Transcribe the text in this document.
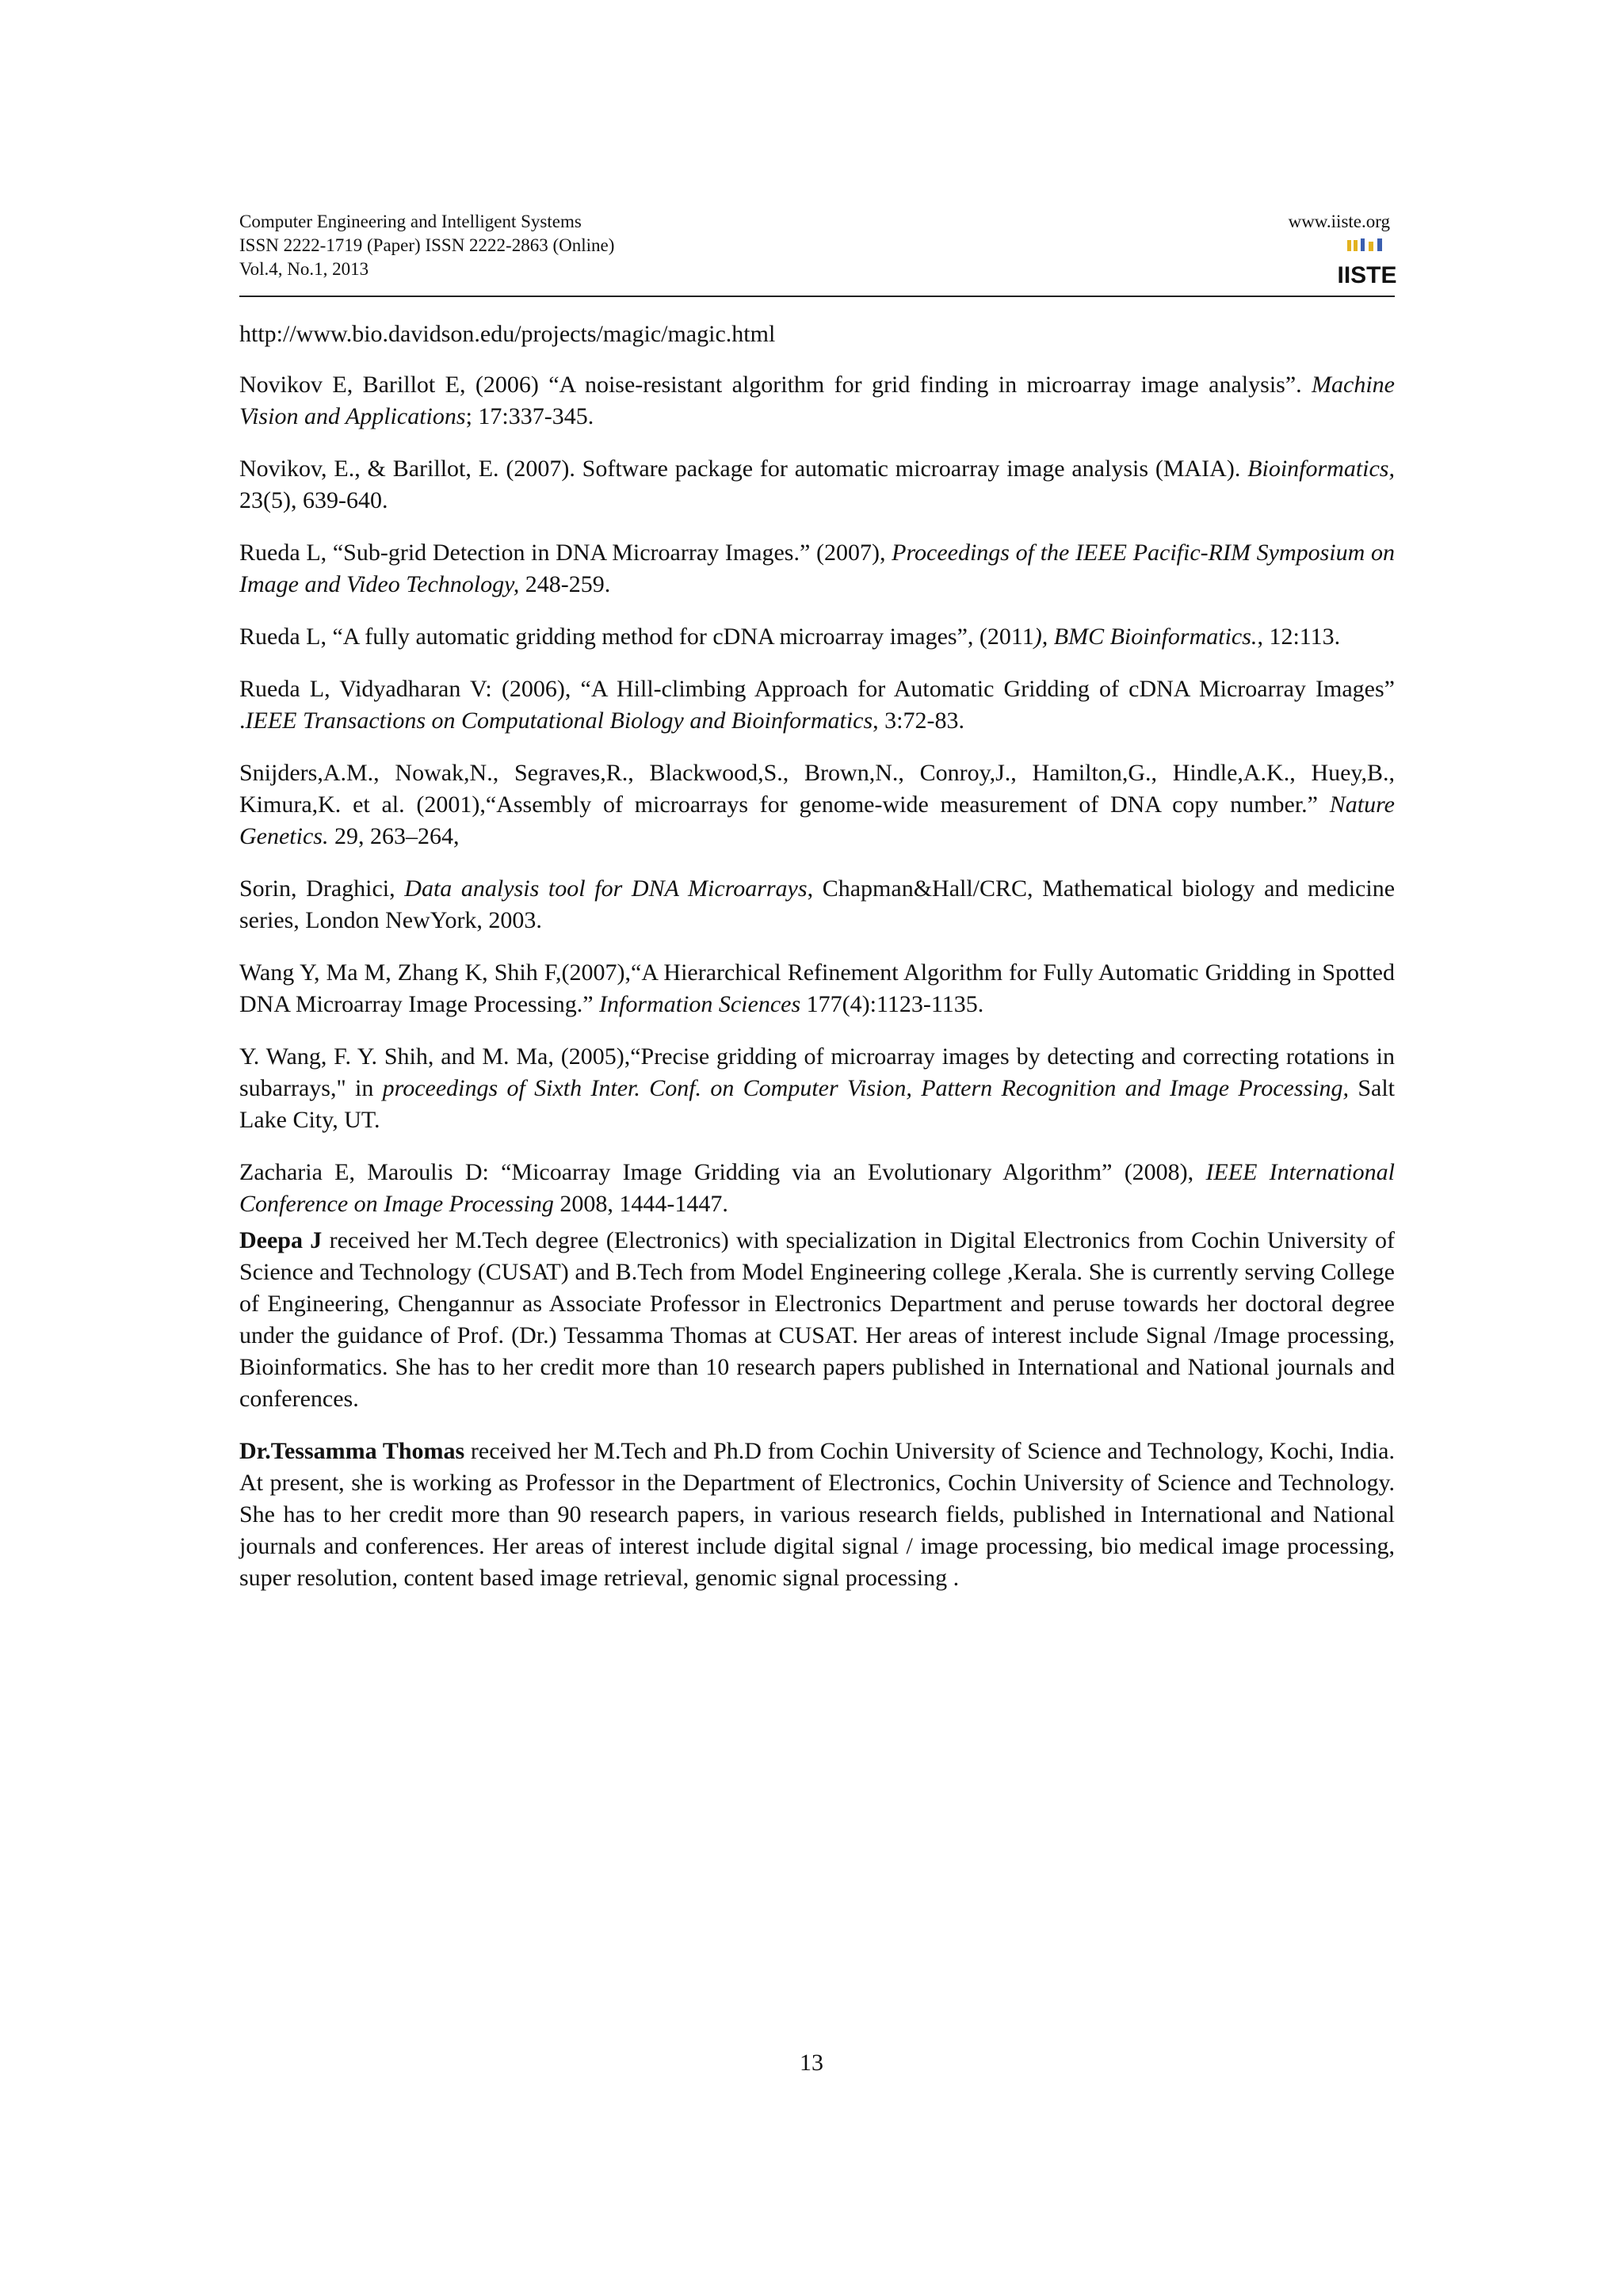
Computer Engineering and Intelligent Systems
ISSN 2222-1719 (Paper) ISSN 2222-2863 (Online)
Vol.4, No.1, 2013
www.iiste.org
IISTE

http://www.bio.davidson.edu/projects/magic/magic.html

Novikov E, Barillot E, (2006) “A noise-resistant algorithm for grid finding in microarray image analysis”. Machine Vision and Applications; 17:337-345.

Novikov, E., & Barillot, E. (2007). Software package for automatic microarray image analysis (MAIA). Bioinformatics, 23(5), 639-640.

Rueda L, “Sub-grid Detection in DNA Microarray Images.” (2007), Proceedings of the IEEE Pacific-RIM Symposium on Image and Video Technology, 248-259.

Rueda L, “A fully automatic gridding method for cDNA microarray images”, (2011), BMC Bioinformatics., 12:113.

Rueda L, Vidyadharan V: (2006), “A Hill-climbing Approach for Automatic Gridding of cDNA Microarray Images” .IEEE Transactions on Computational Biology and Bioinformatics, 3:72-83.

Snijders,A.M., Nowak,N., Segraves,R., Blackwood,S., Brown,N., Conroy,J., Hamilton,G., Hindle,A.K., Huey,B., Kimura,K. et al. (2001),“Assembly of microarrays for genome-wide measurement of DNA copy number.” Nature Genetics. 29, 263–264,

Sorin, Draghici, Data analysis tool for DNA Microarrays, Chapman&Hall/CRC, Mathematical biology and medicine series, London NewYork, 2003.

Wang Y, Ma M, Zhang K, Shih F,(2007),“A Hierarchical Refinement Algorithm for Fully Automatic Gridding in Spotted DNA Microarray Image Processing.” Information Sciences 177(4):1123-1135.

Y. Wang, F. Y. Shih, and M. Ma, (2005),“Precise gridding of microarray images by detecting and correcting rotations in subarrays," in proceedings of Sixth Inter. Conf. on Computer Vision, Pattern Recognition and Image Processing, Salt Lake City, UT.

Zacharia E, Maroulis D: “Micoarray Image Gridding via an Evolutionary Algorithm” (2008), IEEE International Conference on Image Processing 2008, 1444-1447.

Deepa J received her M.Tech degree (Electronics) with specialization in Digital Electronics from Cochin University of Science and Technology (CUSAT) and B.Tech from Model Engineering college ,Kerala. She is currently serving College of Engineering, Chengannur as Associate Professor in Electronics Department and peruse towards her doctoral degree under the guidance of Prof. (Dr.) Tessamma Thomas at CUSAT. Her areas of interest include Signal /Image processing, Bioinformatics. She has to her credit more than 10 research papers published in International and National journals and conferences.

Dr.Tessamma Thomas received her M.Tech and Ph.D from Cochin University of Science and Technology, Kochi, India. At present, she is working as Professor in the Department of Electronics, Cochin University of Science and Technology. She has to her credit more than 90 research papers, in various research fields, published in International and National journals and conferences. Her areas of interest include digital signal / image processing, bio medical image processing, super resolution, content based image retrieval, genomic signal processing .

13
